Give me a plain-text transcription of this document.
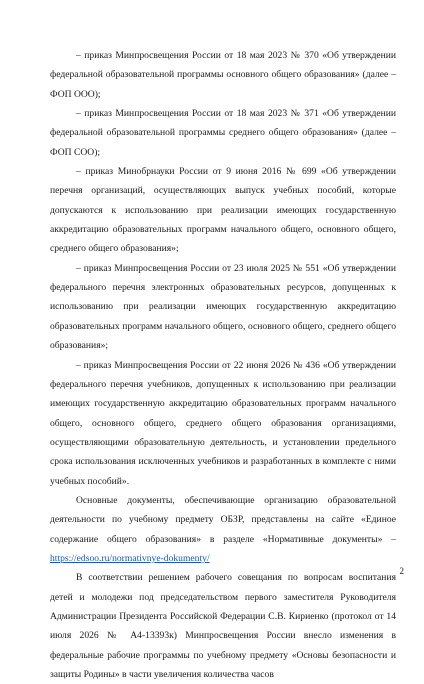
– приказ Минпросвещения России от 18 мая 2023 № 370 «Об утверждении федеральной образовательной программы основного общего образования» (далее – ФОП ООО);

– приказ Минпросвещения России от 18 мая 2023 № 371 «Об утверждении федеральной образовательной программы среднего общего образования» (далее – ФОП СОО);

– приказ Минобрнауки России от 9 июня 2016 № 699 «Об утверждении перечня организаций, осуществляющих выпуск учебных пособий, которые допускаются к использованию при реализации имеющих государственную аккредитацию образовательных программ начального общего, основного общего, среднего общего образования»;

– приказ Минпросвещения России от 23 июля 2025 № 551 «Об утверждении федерального перечня электронных образовательных ресурсов, допущенных к использованию при реализации имеющих государственную аккредитацию образовательных программ начального общего, основного общего, среднего общего образования»;

– приказ Минпросвещения России от 22 июня 2026 № 436 «Об утверждении федерального перечня учебников, допущенных к использованию при реализации имеющих государственную аккредитацию образовательных программ начального общего, основного общего, среднего общего образования организациями, осуществляющими образовательную деятельность, и установлении предельного срока использования исключенных учебников и разработанных в комплекте с ними учебных пособий».

Основные документы, обеспечивающие организацию образовательной деятельности по учебному предмету ОБЗР, представлены на сайте «Единое содержание общего образования» в разделе «Нормативные документы» – https://edsoo.ru/normativnye-dokumenty/

В соответствии решением рабочего совещания по вопросам воспитания детей и молодежи под председательством первого заместителя Руководителя Администрации Президента Российской Федерации С.В. Кириенко (протокол от 14 июля 2026 № А4-13393к) Минпросвещения России внесло изменения в федеральные рабочие программы по учебному предмету «Основы безопасности и защиты Родины» в части увеличения количества часов

2
